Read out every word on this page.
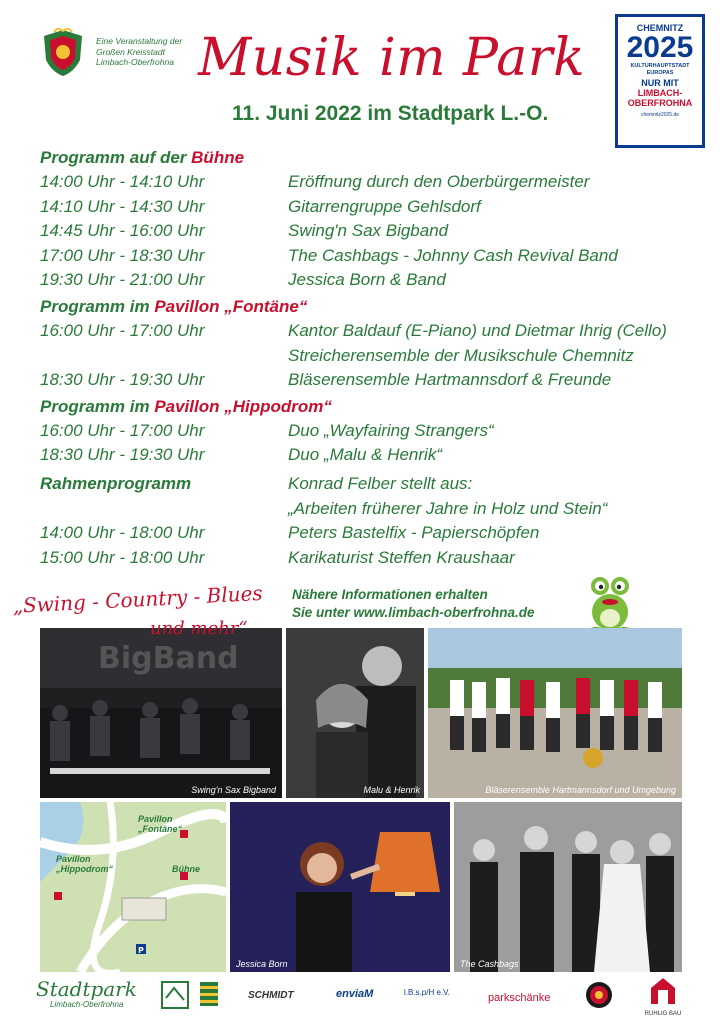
Eine Veranstaltung der
Großen Kreisstadt
Limbach-Oberfrohna Musik im Park
11. Juni 2022 im Stadtpark L.-O.
CHEMNITZ
2025
KULTURHAUPTSTADT
EUROPAS
NUR MIT
LIMBACH-
OBERFROHNA
chemnitz2025.de
Programm auf der Bühne
14:00 Uhr - 14:10 Uhr	Eröffnung durch den Oberbürgermeister
14:10 Uhr - 14:30 Uhr	Gitarrengruppe Gehlsdorf
14:45 Uhr - 16:00 Uhr	Swing'n Sax Bigband
17:00 Uhr - 18:30 Uhr	The Cashbags - Johnny Cash Revival Band
19:30 Uhr - 21:00 Uhr	Jessica Born & Band
Programm im Pavillon „Fontäne“
16:00 Uhr - 17:00 Uhr	Kantor Baldauf (E-Piano) und Dietmar Ihrig (Cello)
Streicherensemble der Musikschule Chemnitz
18:30 Uhr - 19:30 Uhr	Bläserensemble Hartmannsdorf & Freunde
Programm im Pavillon „Hippodrom“
16:00 Uhr - 17:00 Uhr	Duo „Wayfairing Strangers“
18:30 Uhr - 19:30 Uhr	Duo „Malu & Henrik“
Rahmenprogramm	Konrad Felber stellt aus:
„Arbeiten früherer Jahre in Holz und Stein“
14:00 Uhr - 18:00 Uhr	Peters Bastelfix - Papierschöpfen
15:00 Uhr - 18:00 Uhr	Karikaturist Steffen Kraushaar
Nähere Informationen erhalten
Sie unter www.limbach-oberfrohna.de
BigBand
Swing'n Sax Bigband	Malu & Henrik	Bläserensemble Hartmannsdorf und Umgebung
P
Pavillon
„Fontäne“
Pavillon
„Hippodrom“	Bühne
Jessica Born	The Cashbags
„Swing - Country - Blues
und mehr“
Stadtpark
Limbach-Oberfrohna
SCHMIDT	enviaM	l.B.s.p/H e.V.	parkschänke
RUHLIG BAU
